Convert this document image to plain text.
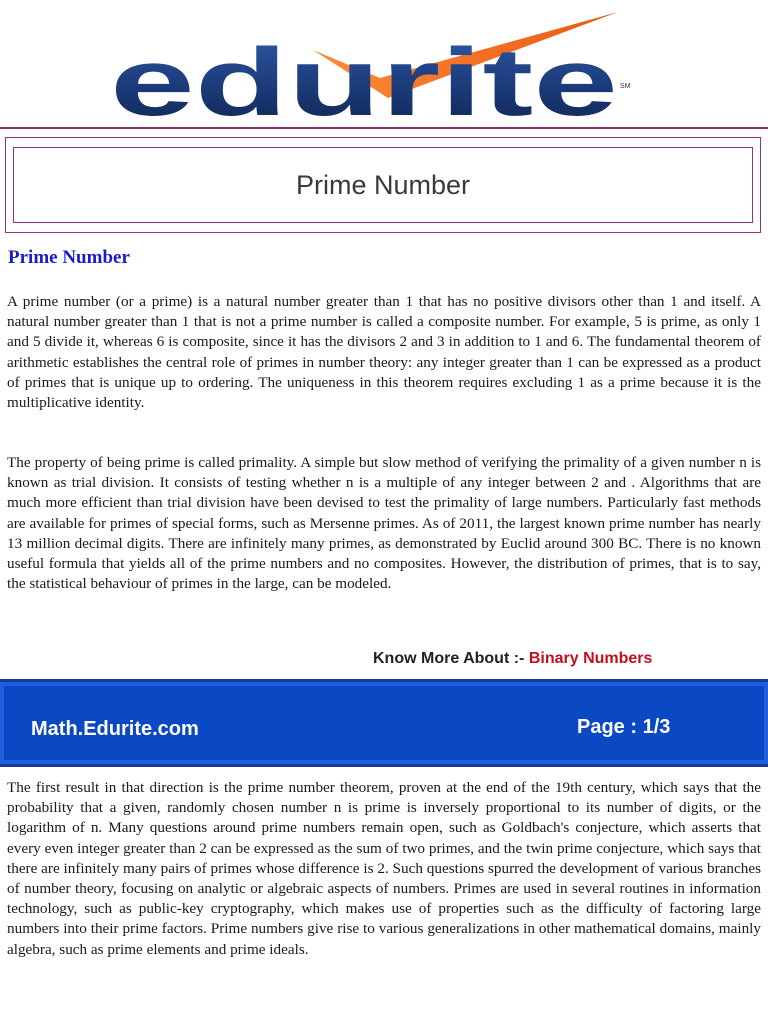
edurite SM
Prime Number
Prime Number

A prime number (or a prime) is a natural number greater than 1 that has no positive divisors other than 1 and itself. A natural number greater than 1 that is not a prime number is called a composite number. For example, 5 is prime, as only 1 and 5 divide it, whereas 6 is composite, since it has the divisors 2 and 3 in addition to 1 and 6. The fundamental theorem of arithmetic establishes the central role of primes in number theory: any integer greater than 1 can be expressed as a product of primes that is unique up to ordering. The uniqueness in this theorem requires excluding 1 as a prime because it is the multiplicative identity.

The property of being prime is called primality. A simple but slow method of verifying the primality of a given number n is known as trial division. It consists of testing whether n is a multiple of any integer between 2 and . Algorithms that are much more efficient than trial division have been devised to test the primality of large numbers. Particularly fast methods are available for primes of special forms, such as Mersenne primes. As of 2011, the largest known prime number has nearly 13 million decimal digits. There are infinitely many primes, as demonstrated by Euclid around 300 BC. There is no known useful formula that yields all of the prime numbers and no composites. However, the distribution of primes, that is to say, the statistical behaviour of primes in the large, can be modeled.

Know More About :- Binary Numbers
Math.Edurite.com	Page : 1/3

The first result in that direction is the prime number theorem, proven at the end of the 19th century, which says that the probability that a given, randomly chosen number n is prime is inversely proportional to its number of digits, or the logarithm of n. Many questions around prime numbers remain open, such as Goldbach's conjecture, which asserts that every even integer greater than 2 can be expressed as the sum of two primes, and the twin prime conjecture, which says that there are infinitely many pairs of primes whose difference is 2. Such questions spurred the development of various branches of number theory, focusing on analytic or algebraic aspects of numbers. Primes are used in several routines in information technology, such as public-key cryptography, which makes use of properties such as the difficulty of factoring large numbers into their prime factors. Prime numbers give rise to various generalizations in other mathematical domains, mainly algebra, such as prime elements and prime ideals.
